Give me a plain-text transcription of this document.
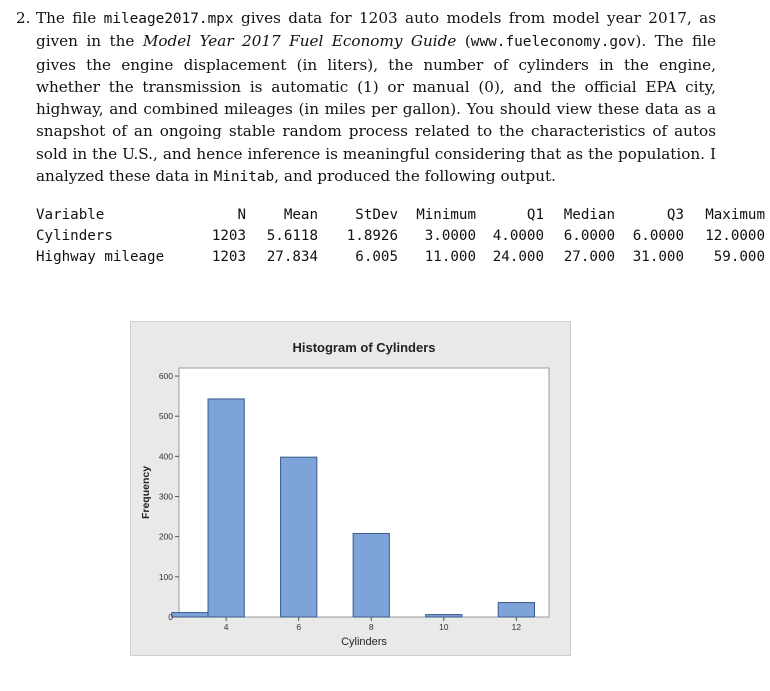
2. The file mileage2017.mpx gives data for 1203 auto models from model year 2017, as given in the Model Year 2017 Fuel Economy Guide (www.fueleconomy.gov). The file gives the engine displacement (in liters), the number of cylinders in the engine, whether the transmission is automatic (1) or manual (0), and the official EPA city, highway, and combined mileages (in miles per gallon). You should view these data as a snapshot of an ongoing stable random process related to the characteristics of autos sold in the U.S., and hence inference is meaningful considering that as the population. I analyzed these data in Minitab, and produced the following output.
Variable	N	Mean	StDev Minimum	Q1 Median	Q3 Maximum
Cylinders	1203 5.6118 1.8926 3.0000 4.0000 6.0000 6.0000 12.0000
Highway mileage	1203 27.834	6.005 11.000 24.000 27.000 31.000 59.000
Histogram of Cylinders
0
100
200
300
400
500
600
4	6	8	10	12
Cylinders
Frequency
